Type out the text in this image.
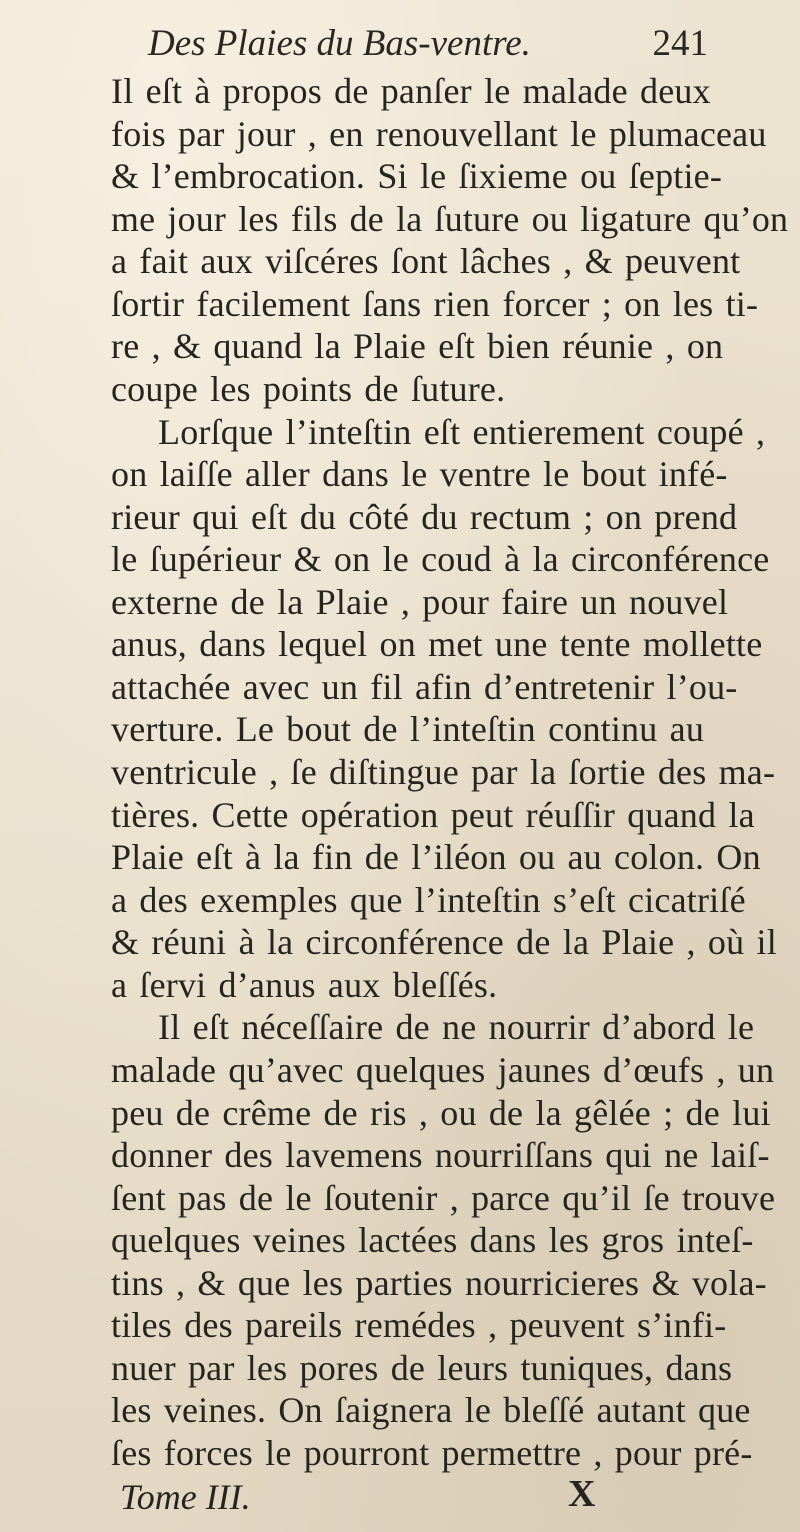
Des Plaies du Bas-ventre.	241
Il eſt à propos de panſer le malade deux
fois par jour , en renouvellant le plumaceau
& l’embrocation. Si le ſixieme ou ſeptie-
me jour les fils de la ſuture ou ligature qu’on
a fait aux viſcéres ſont lâches , & peuvent
ſortir facilement ſans rien forcer ; on les ti-
re , & quand la Plaie eſt bien réunie , on
coupe les points de ſuture.
Lorſque l’inteſtin eſt entierement coupé ,
on laiſſe aller dans le ventre le bout infé-
rieur qui eſt du côté du rectum ; on prend
le ſupérieur & on le coud à la circonférence
externe de la Plaie , pour faire un nouvel
anus, dans lequel on met une tente mollette
attachée avec un fil afin d’entretenir l’ou-
verture. Le bout de l’inteſtin continu au
ventricule , ſe diſtingue par la ſortie des ma-
tières. Cette opération peut réuſſir quand la
Plaie eſt à la fin de l’iléon ou au colon. On
a des exemples que l’inteſtin s’eſt cicatriſé
& réuni à la circonférence de la Plaie , où il
a ſervi d’anus aux bleſſés.
Il eſt néceſſaire de ne nourrir d’abord le
malade qu’avec quelques jaunes d’œufs , un
peu de crême de ris , ou de la gêlée ; de lui
donner des lavemens nourriſſans qui ne laiſ-
ſent pas de le ſoutenir , parce qu’il ſe trouve
quelques veines lactées dans les gros inteſ-
tins , & que les parties nourricieres & vola-
tiles des pareils remédes , peuvent s’infi-
nuer par les pores de leurs tuniques, dans
les veines. On ſaignera le bleſſé autant que
ſes forces le pourront permettre , pour pré-
Tome III.	X
